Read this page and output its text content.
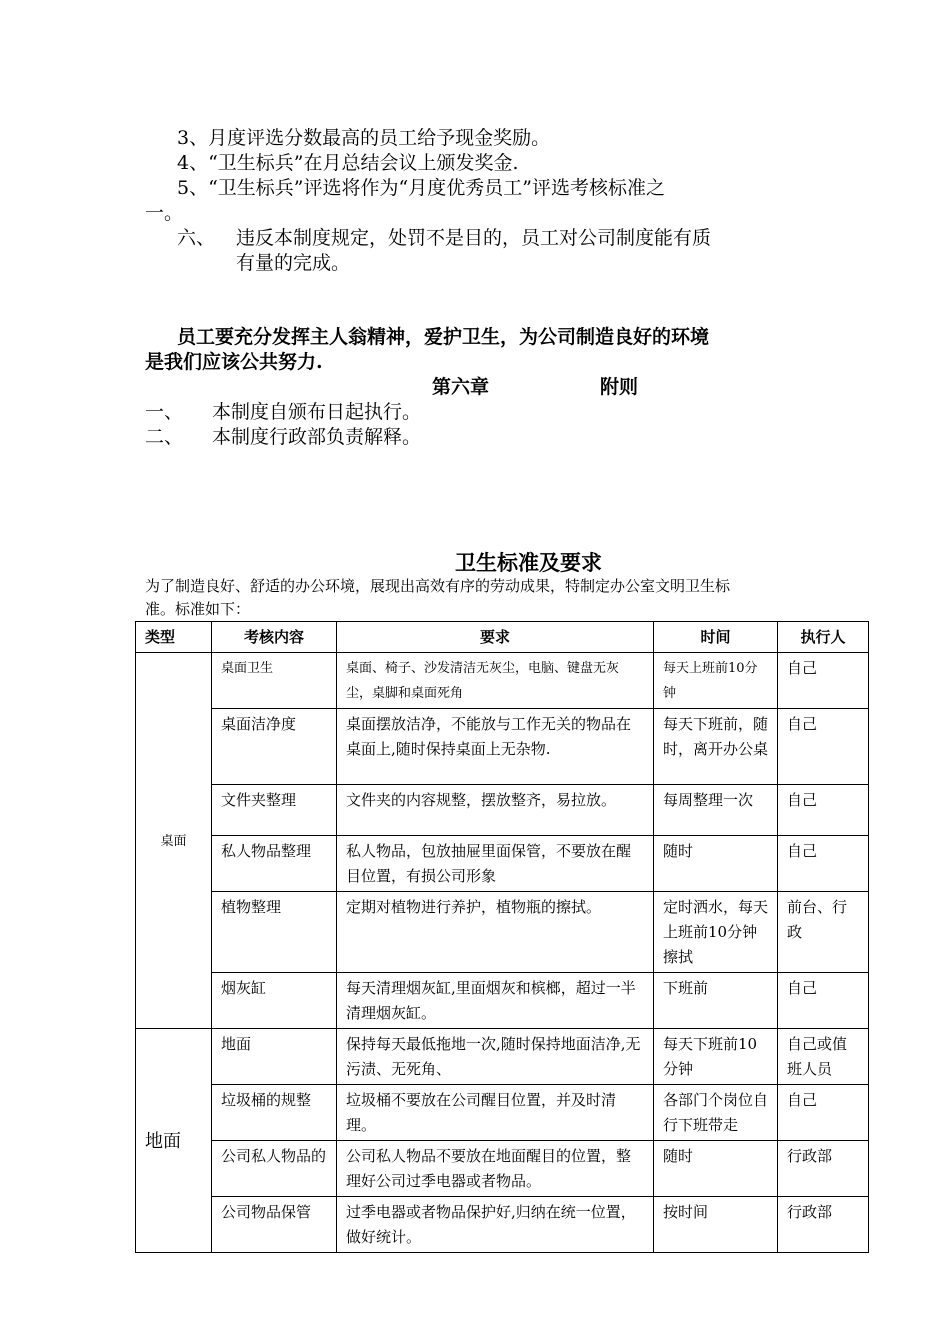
3、月度评选分数最高的员工给予现金奖励。
4、“卫生标兵”在月总结会议上颁发奖金.
5、“卫生标兵”评选将作为“月度优秀员工”评选考核标准之
一。
六、 违反本制度规定，处罚不是目的，员工对公司制度能有质
有量的完成。
员工要充分发挥主人翁精神，爱护卫生，为公司制造良好的环境
是我们应该公共努力.
第六章	附则
一、 本制度自颁布日起执行。
二、 本制度行政部负责解释。
卫生标准及要求
为了制造良好、舒适的办公环境，展现出高效有序的劳动成果，特制定办公室文明卫生标
准。标准如下：
类型	考核内容	要求	时间	执行人
桌面	桌面卫生	桌面、椅子、沙发清洁无灰尘，电脑、键盘无灰尘，桌脚和桌面死角	每天上班前10分钟	自己
	桌面洁净度	桌面摆放洁净，不能放与工作无关的物品在桌面上,随时保持桌面上无杂物.	每天下班前，随时，离开办公桌	自己
	文件夹整理	文件夹的内容规整，摆放整齐，易拉放。	每周整理一次	自己
	私人物品整理	私人物品，包放抽屉里面保管，不要放在醒目位置，有损公司形象	随时	自己
	植物整理	定期对植物进行养护，植物瓶的擦拭。	定时洒水，每天上班前10分钟擦拭	前台、行政
	烟灰缸	每天清理烟灰缸,里面烟灰和槟榔，超过一半清理烟灰缸。	下班前	自己
地面	地面	保持每天最低拖地一次,随时保持地面洁净,无污渍、无死角、	每天下班前10分钟	自己或值班人员
	垃圾桶的规整	垃圾桶不要放在公司醒目位置，并及时清理。	各部门个岗位自行下班带走	自己
	公司私人物品的	公司私人物品不要放在地面醒目的位置，整理好公司过季电器或者物品。	随时	行政部
	公司物品保管	过季电器或者物品保护好,归纳在统一位置，做好统计。	按时间	行政部
